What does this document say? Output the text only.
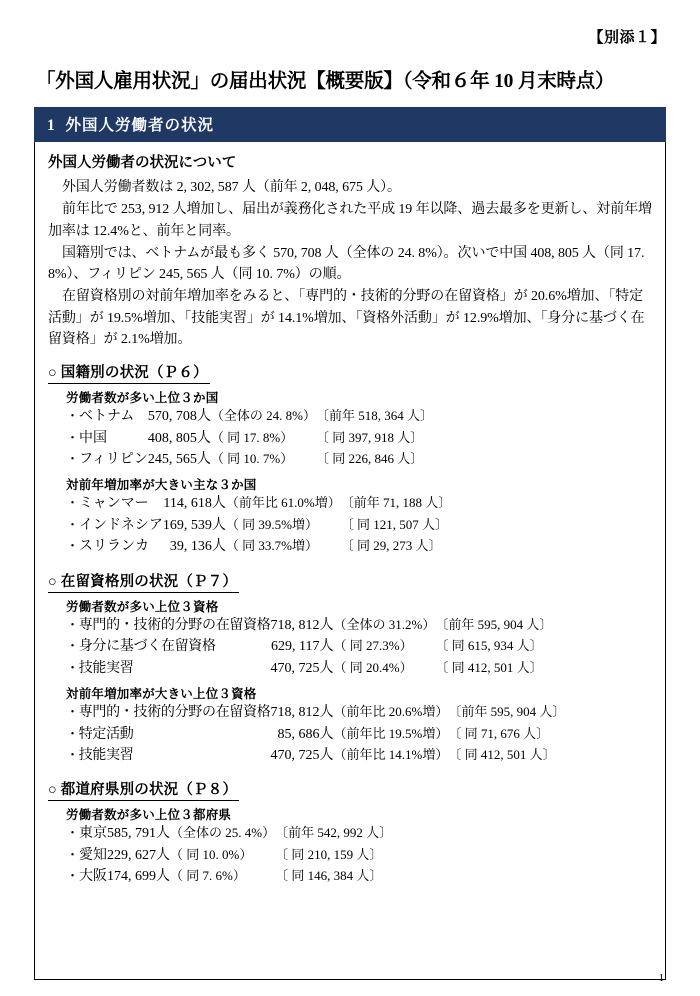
【別添１】
「外国人雇用状況」の届出状況【概要版】（令和６年 10 月末時点）
1 外国人労働者の状況
外国人労働者の状況について

外国人労働者数は 2, 302, 587 人（前年 2, 048, 675 人）。

前年比で 253, 912 人増加し、届出が義務化された平成 19 年以降、過去最多を更新し、対前年増加率は 12.4%と、前年と同率。

国籍別では、ベトナムが最も多く 570, 708 人（全体の 24. 8%）。次いで中国 408, 805 人（同 17. 8%）、フィリピン 245, 565 人（同 10. 7%）の順。

在留資格別の対前年増加率をみると、「専門的・技術的分野の在留資格」が 20.6%増加、「特定活動」が 19.5%増加、「技能実習」が 14.1%増加、「資格外活動」が 12.9%増加、「身分に基づく在留資格」が 2.1%増加。

○ 国籍別の状況（Ｐ６）
労働者数が多い上位３か国
・ ベトナム	570, 708	人	（全体の 24. 8%）	〔前年 518, 364 人〕
・ 中国	408, 805	人	（ 同 17. 8%）	〔 同 397, 918 人〕
・ フィリピン	245, 565	人	（ 同 10. 7%）	〔 同 226, 846 人〕
対前年増加率が大きい主な３か国
・ ミャンマー	114, 618	人	（前年比 61.0%増）	〔前年 71, 188 人〕
・ インドネシア	169, 539	人	（ 同 39.5%増）	〔 同 121, 507 人〕
・ スリランカ	39, 136	人	（ 同 33.7%増）	〔 同 29, 273 人〕
○ 在留資格別の状況（Ｐ７）
労働者数が多い上位３資格
・ 専門的・技術的分野の在留資格	718, 812	人	（全体の 31.2%）	〔前年 595, 904 人〕
・ 身分に基づく在留資格	629, 117	人	（ 同 27.3%）	〔 同 615, 934 人〕
・ 技能実習	470, 725	人	（ 同 20.4%）	〔 同 412, 501 人〕
対前年増加率が大きい上位３資格
・ 専門的・技術的分野の在留資格	718, 812	人	（前年比 20.6%増）	〔前年 595, 904 人〕
・ 特定活動	85, 686	人	（前年比 19.5%増）	〔 同 71, 676 人〕
・ 技能実習	470, 725	人	（前年比 14.1%増）	〔 同 412, 501 人〕
○ 都道府県別の状況（Ｐ８）
労働者数が多い上位３都府県
・ 東京	585, 791	人	（全体の 25. 4%）	〔前年 542, 992 人〕
・ 愛知	229, 627	人	（ 同 10. 0%）	〔 同 210, 159 人〕
・ 大阪	174, 699	人	（ 同 7. 6%）	〔 同 146, 384 人〕
1
